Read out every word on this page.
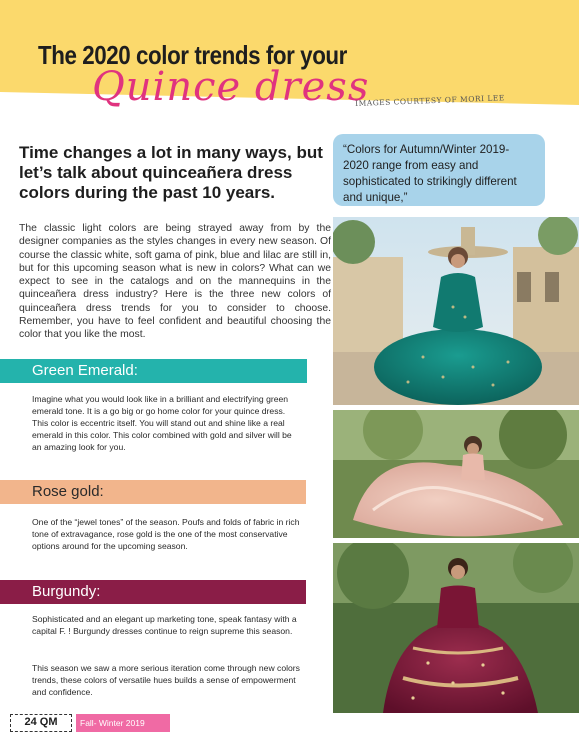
The 2020 color trends for your
Quince dress
IMAGES COURTESY OF MORI LEE
Time changes a lot in many ways, but let’s talk about quinceañera dress colors during the past 10 years.
The classic light colors are being strayed away from by the designer companies as the styles changes in every new season. Of course the classic white, soft gama of pink, blue and lilac are still in, but for this upcoming season what is new in colors? What can we expect to see in the catalogs and on the mannequins in the quinceañera dress industry? Here is the three new colors of quinceañera dress trends for you to consider to choose. Remember, you have to feel confident and beautiful choosing the color that you like the most.
“Colors for Autumn/Winter 2019-2020 range from easy and sophisticated to strikingly different and unique,”
Green Emerald:
Imagine what you would look like in a brilliant and electrifying green emerald tone. It is a go big or go home color for your quince dress. This color is eccentric itself. You will stand out and shine like a real emerald in this color. This color combined with gold and silver will be an amazing look for you.
Rose gold:
One of the “jewel tones” of the season. Poufs and folds of fabric in rich tone of extravagance, rose gold is the one of the most conservative options around for the upcoming season.
Burgundy:
Sophisticated and an elegant up marketing tone, speak fantasy with a capital F. ! Burgundy dresses continue to reign supreme this season.
This season we saw a more serious iteration come through new colors trends, these colors of versatile hues builds a sense of empowerment and confidence.
24 QM	Fall- Winter 2019
